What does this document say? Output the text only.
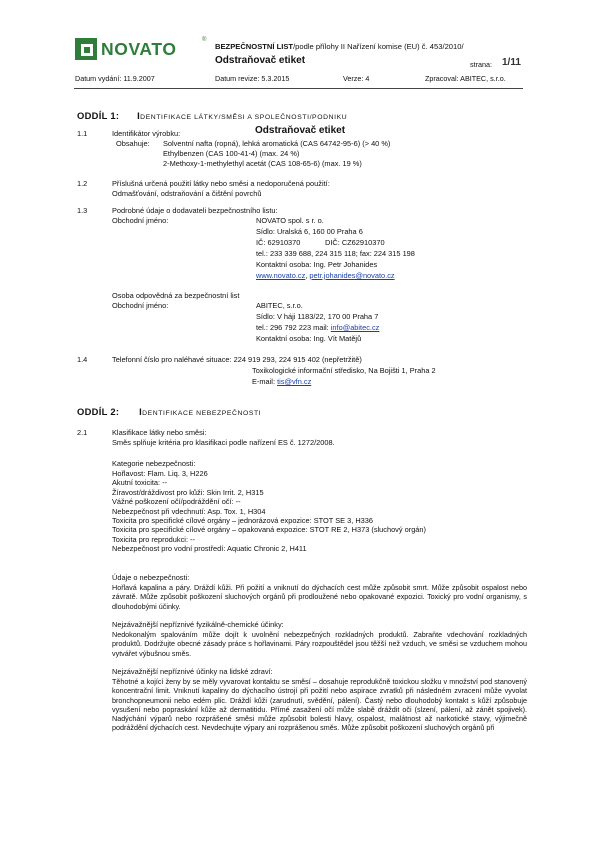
NOVATO	®
BEZPEČNOSTNÍ LIST/podle přílohy II Nařízení komise (EU) č. 453/2010/
Odstraňovač etiket	strana: 1/11
Datum vydání: 11.9.2007	Datum revize: 5.3.2015	Verze: 4	Zpracoval: ABITEC, s.r.o.
ODDÍL 1: IDENTIFIKACE LÁTKY/SMĚSI A SPOLEČNOSTI/PODNIKU
1.1	Identifikátor výrobku:	Odstraňovač etiket
Obsahuje: Solventní nafta (ropná), lehká aromatická (CAS 64742-95-6) (> 40 %)
Ethylbenzen (CAS 100-41-4) (max. 24 %)
2-Methoxy-1-methylethyl acetát (CAS 108-65-6) (max. 19 %)
1.2	Příslušná určená použití látky nebo směsi a nedoporučená použití:
Odmašťování, odstraňování a čištění povrchů
1.3	Podrobné údaje o dodavateli bezpečnostního listu:
Obchodní jméno:	NOVATO spol. s r. o.
Sídlo: Uralská 6, 160 00 Praha 6
IČ: 62910370	DIČ: CZ62910370
tel.: 233 339 688, 224 315 118; fax: 224 315 198
Kontaktní osoba: Ing. Petr Johanides
www.novato.cz, petr.johanides@novato.cz
Osoba odpovědná za bezpečnostní list
Obchodní jméno:	ABITEC, s.r.o.
Sídlo: V háji 1183/22, 170 00 Praha 7
tel.: 296 792 223 mail: info@abitec.cz
Kontaktní osoba: Ing. Vít Matějů
1.4	Telefonní číslo pro naléhavé situace: 224 919 293, 224 915 402 (nepřetržitě)
Toxikologické informační středisko, Na Bojišti 1, Praha 2
E-mail: tis@vfn.cz
ODDÍL 2: IDENTIFIKACE NEBEZPEČNOSTI
2.1	Klasifikace látky nebo směsi:
Směs splňuje kritéria pro klasifikaci podle nařízení ES č. 1272/2008.
Kategorie nebezpečnosti:
Hořlavost: Flam. Liq. 3, H226
Akutní toxicita: --
Žíravost/dráždivost pro kůži: Skin Irrit. 2, H315
Vážné poškození očí/podráždění očí: --
Nebezpečnost při vdechnutí: Asp. Tox. 1, H304
Toxicita pro specifické cílové orgány – jednorázová expozice: STOT SE 3, H336
Toxicita pro specifické cílové orgány – opakovaná expozice: STOT RE 2, H373 (sluchový orgán)
Toxicita pro reprodukci: --
Nebezpečnost pro vodní prostředí: Aquatic Chronic 2, H411
Údaje o nebezpečnosti:
Hořlavá kapalina a páry. Dráždí kůži. Při požití a vniknutí do dýchacích cest může způsobit smrt. Může způsobit ospalost nebo závratě. Může způsobit poškození sluchových orgánů při prodloužené nebo opakované expozici. Toxický pro vodní organismy, s dlouhodobými účinky.
Nejzávažnější nepříznivé fyzikálně-chemické účinky:
Nedokonalým spalováním může dojít k uvolnění nebezpečných rozkladných produktů. Zabraňte vdechování rozkladných produktů. Dodržujte obecné zásady práce s hořlavinami. Páry rozpouštědel jsou těžší než vzduch, ve směsi se vzduchem mohou vytvářet výbušnou směs.
Nejzávažnější nepříznivé účinky na lidské zdraví:
Těhotné a kojící ženy by se měly vyvarovat kontaktu se směsí – dosahuje reprodukčně toxickou složku v množství pod stanovený koncentrační limit. Vniknutí kapaliny do dýchacího ústrojí při požití nebo aspirace zvratků při následném zvracení může vyvolat bronchopneumonii nebo edém plic. Dráždí kůži (zarudnutí, svědění, pálení). Častý nebo dlouhodobý kontakt s kůží způsobuje vysušení nebo popraskání kůže až dermatitidu. Přímé zasažení očí může slabě dráždit oči (slzení, pálení, až zánět spojivek). Nadýchání výparů nebo rozprášené směsi může způsobit bolesti hlavy, ospalost, malátnost až narkotické stavy, výjimečně podráždění dýchacích cest. Nevdechujte výpary ani rozprášenou směs. Může způsobit poškození sluchových orgánů při
